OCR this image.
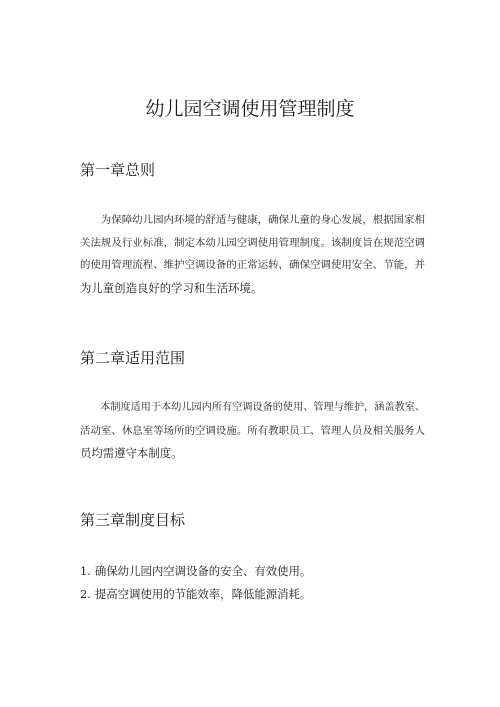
幼儿园空调使用管理制度
第一章总则
为保障幼儿园内环境的舒适与健康，确保儿童的身心发展，根据国家相
关法规及行业标准，制定本幼儿园空调使用管理制度。该制度旨在规范空调
的使用管理流程、维护空调设备的正常运转，确保空调使用安全、节能，并
为儿童创造良好的学习和生活环境。
第二章适用范围
本制度适用于本幼儿园内所有空调设备的使用、管理与维护，涵盖教室、
活动室、休息室等场所的空调设施。所有教职员工、管理人员及相关服务人
员均需遵守本制度。
第三章制度目标
1. 确保幼儿园内空调设备的安全、有效使用。
2. 提高空调使用的节能效率，降低能源消耗。
